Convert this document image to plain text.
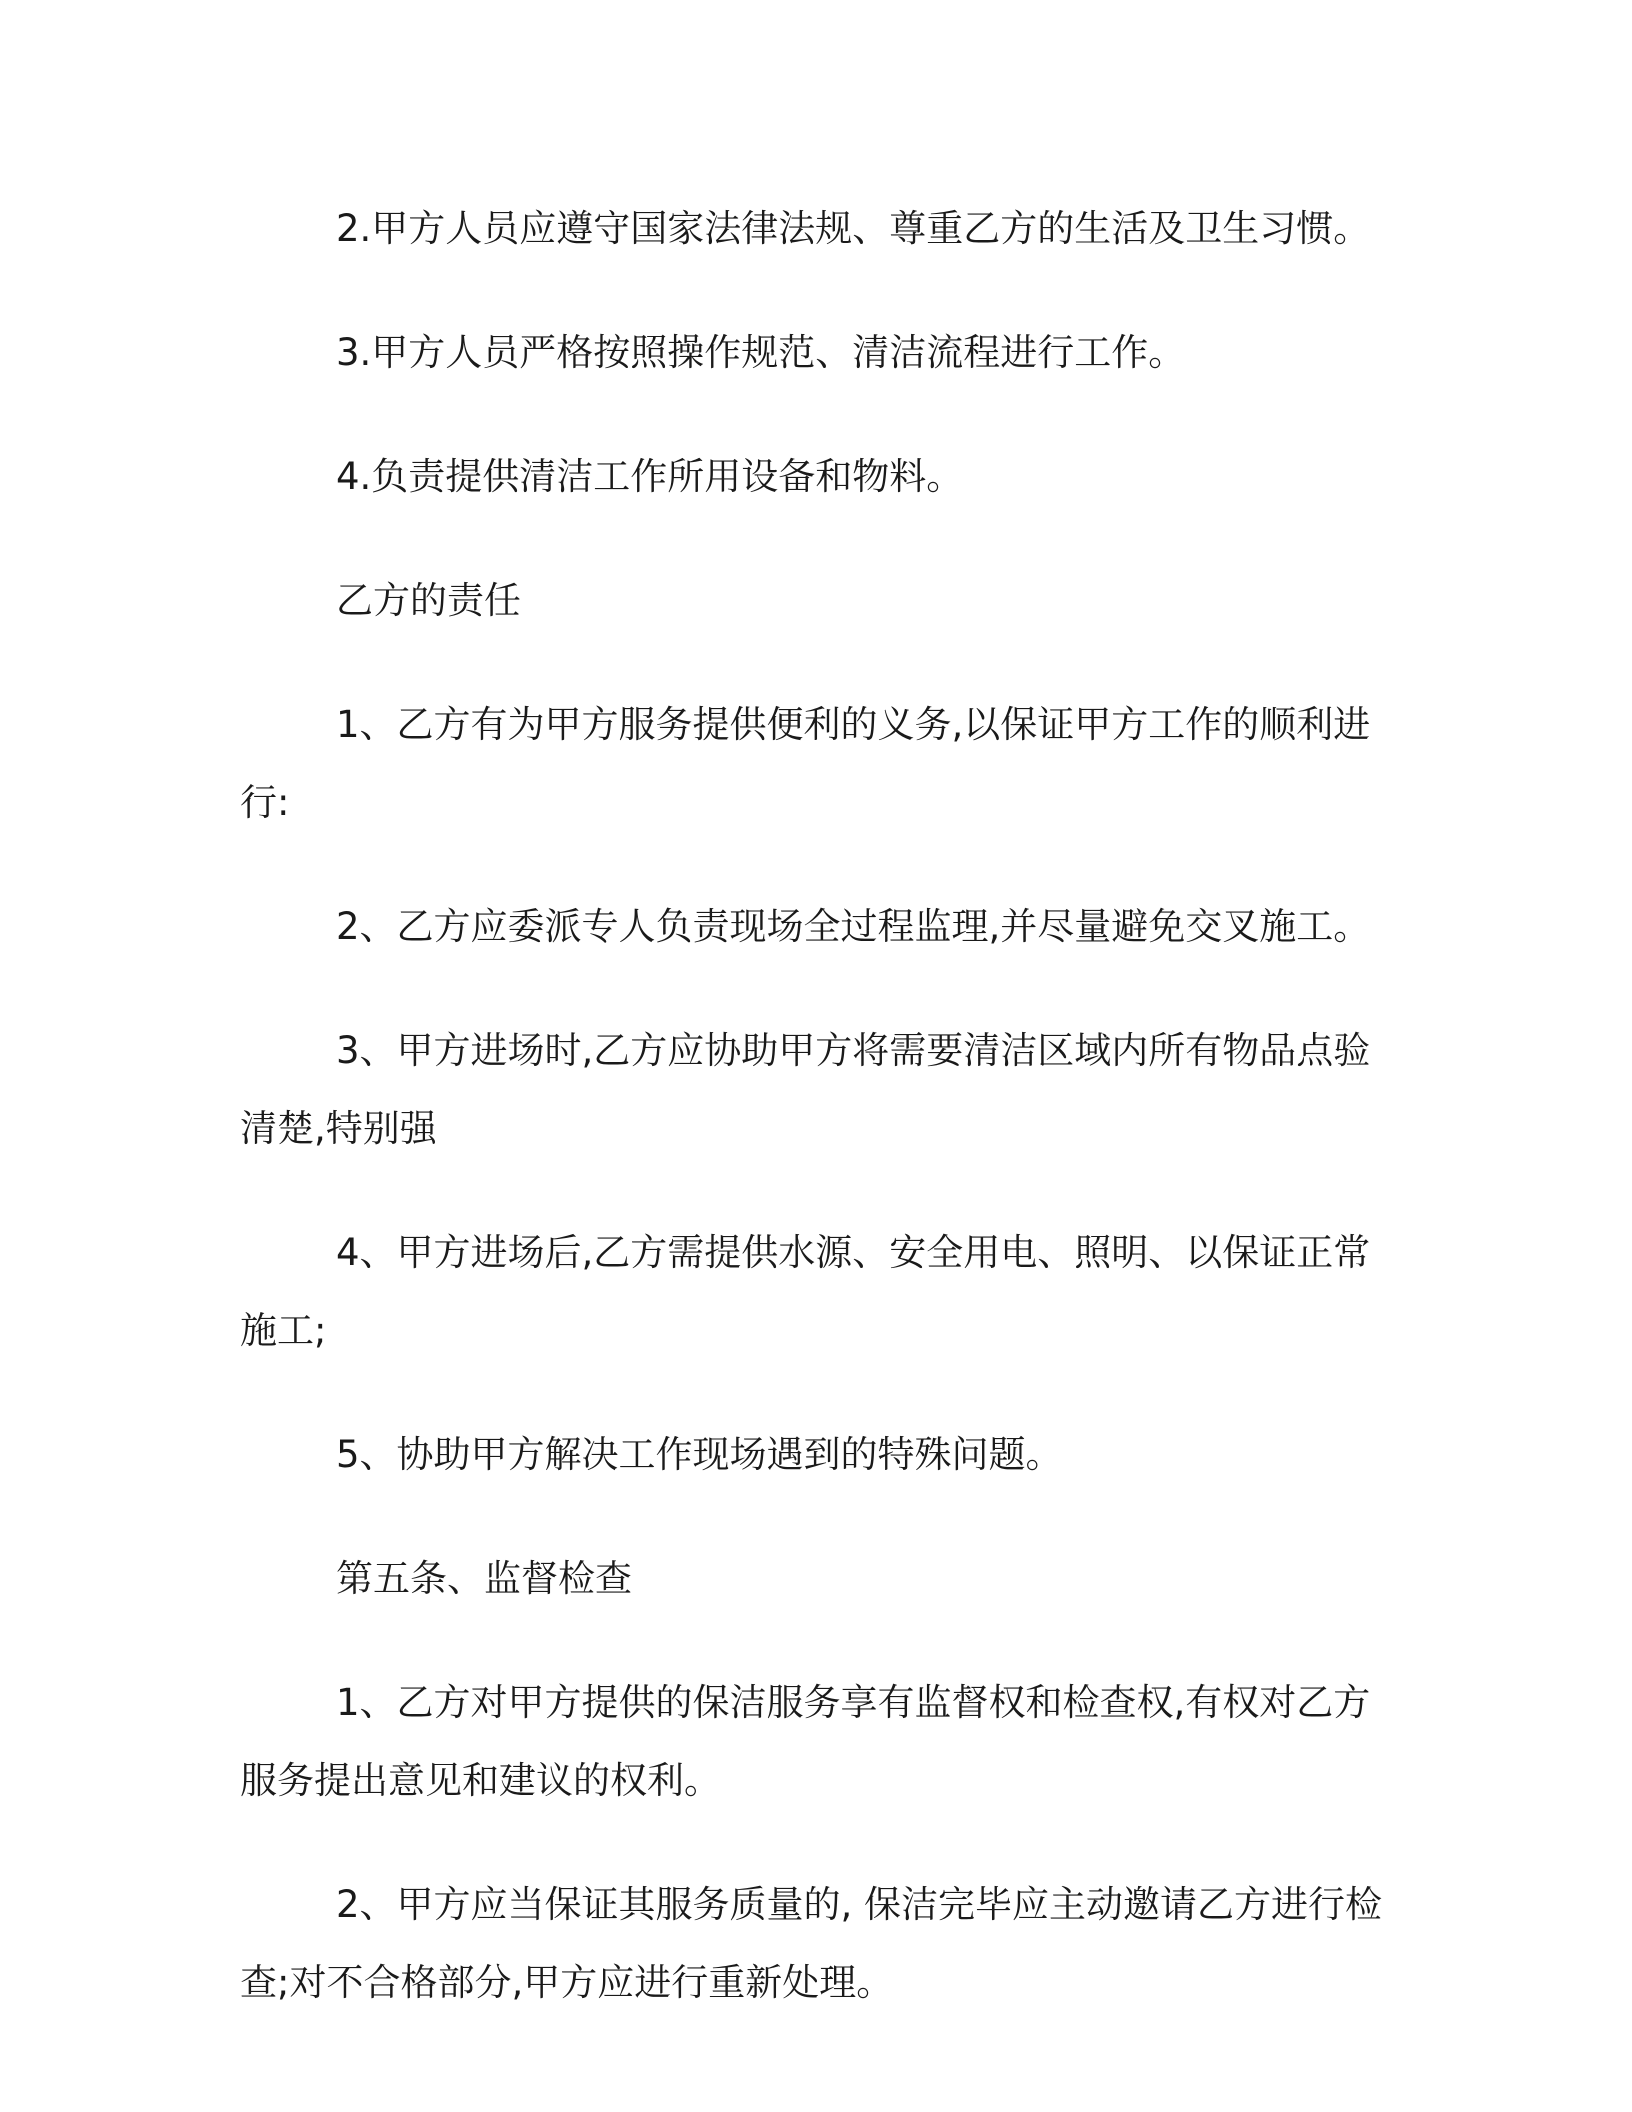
2.甲方人员应遵守国家法律法规、尊重乙方的生活及卫生习惯。

3.甲方人员严格按照操作规范、清洁流程进行工作。

4.负责提供清洁工作所用设备和物料。

乙方的责任

1、乙方有为甲方服务提供便利的义务,以保证甲方工作的顺利进行:

2、乙方应委派专人负责现场全过程监理,并尽量避免交叉施工。

3、甲方进场时,乙方应协助甲方将需要清洁区域内所有物品点验清楚,特别强

4、甲方进场后,乙方需提供水源、安全用电、照明、以保证正常施工;

5、协助甲方解决工作现场遇到的特殊问题。

第五条、监督检查

1、乙方对甲方提供的保洁服务享有监督权和检查权,有权对乙方服务提出意见和建议的权利。

2、甲方应当保证其服务质量的, 保洁完毕应主动邀请乙方进行检查;对不合格部分,甲方应进行重新处理。
